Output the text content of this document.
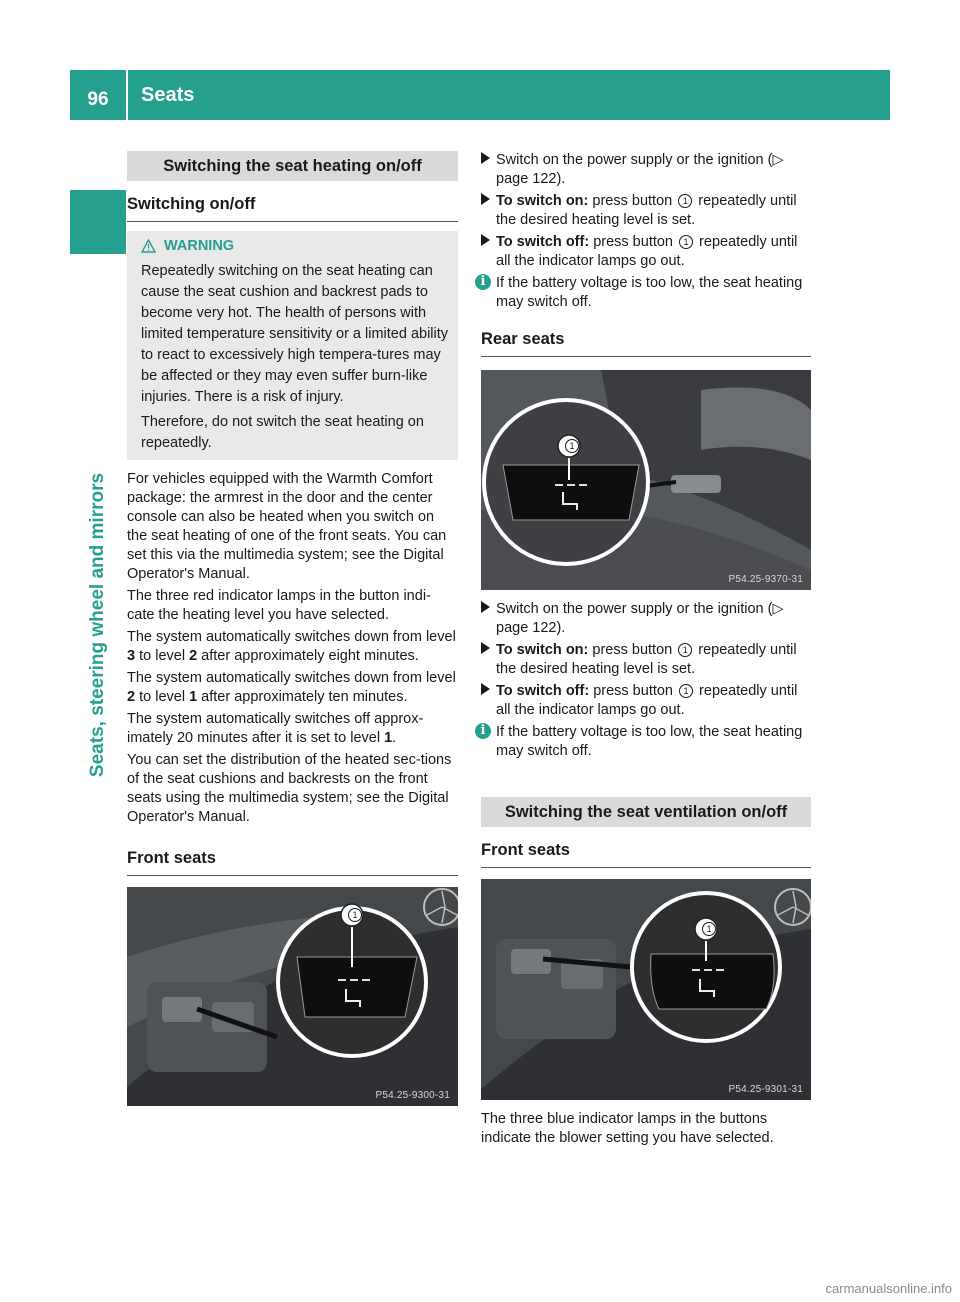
96	Seats
Seats, steering wheel and mirrors
Switching the seat heating on/off
Switching on/off
WARNING

Repeatedly switching on the seat heating can cause the seat cushion and backrest pads to become very hot. The health of persons with limited temperature sensitivity or a limited ability to react to excessively high tempera-tures may be affected or they may even suffer burn-like injuries. There is a risk of injury.

Therefore, do not switch the seat heating on repeatedly.

For vehicles equipped with the Warmth Comfort package: the armrest in the door and the center console can also be heated when you switch on the seat heating of one of the front seats. You can set this via the multimedia system; see the Digital Operator's Manual.

The three red indicator lamps in the button indi-cate the heating level you have selected.

The system automatically switches down from level 3 to level 2 after approximately eight minutes.

The system automatically switches down from level 2 to level 1 after approximately ten minutes.

The system automatically switches off approx-imately 20 minutes after it is set to level 1.

You can set the distribution of the heated sec-tions of the seat cushions and backrests on the front seats using the multimedia system; see the Digital Operator's Manual.

Front seats
1
P54.25-9300-31
Switch on the power supply or the ignition (▷ page 122).
To switch on: press button 1 repeatedly until the desired heating level is set.
To switch off: press button 1 repeatedly until all the indicator lamps go out.
i If the battery voltage is too low, the seat heating may switch off.
Rear seats
1
P54.25-9370-31
Switch on the power supply or the ignition (▷ page 122).
To switch on: press button 1 repeatedly until the desired heating level is set.
To switch off: press button 1 repeatedly until all the indicator lamps go out.
i If the battery voltage is too low, the seat heating may switch off.
Switching the seat ventilation on/off
Front seats
1
P54.25-9301-31

The three blue indicator lamps in the buttons indicate the blower setting you have selected.

carmanualsonline.info
